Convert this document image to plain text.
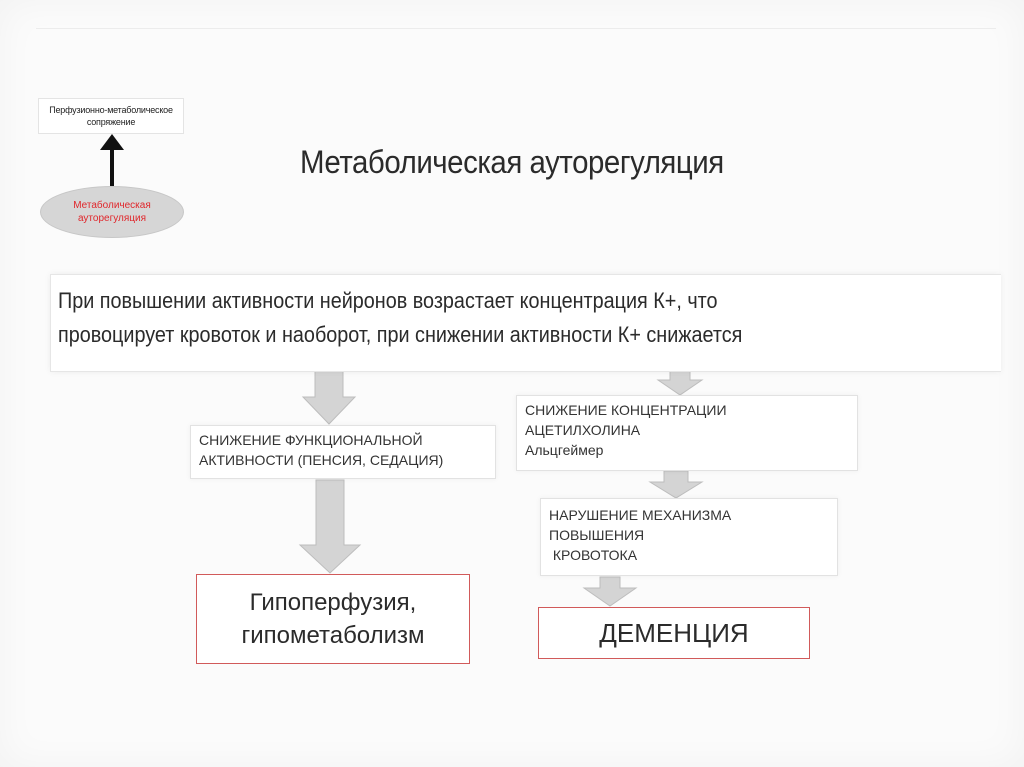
Перфузионно-метаболическое
сопряжение
Метаболическая
ауторегуляция
Метаболическая ауторегуляция
При повышении активности нейронов возрастает концентрация К+, что
провоцирует кровоток и наоборот, при снижении активности К+ снижается
СНИЖЕНИЕ ФУНКЦИОНАЛЬНОЙ
АКТИВНОСТИ (ПЕНСИЯ, СЕДАЦИЯ)
СНИЖЕНИЕ КОНЦЕНТРАЦИИ
АЦЕТИЛХОЛИНА
Альцгеймер
НАРУШЕНИЕ МЕХАНИЗМА
ПОВЫШЕНИЯ
КРОВОТОКА
Гипоперфузия,
гипометаболизм	ДЕМЕНЦИЯ
